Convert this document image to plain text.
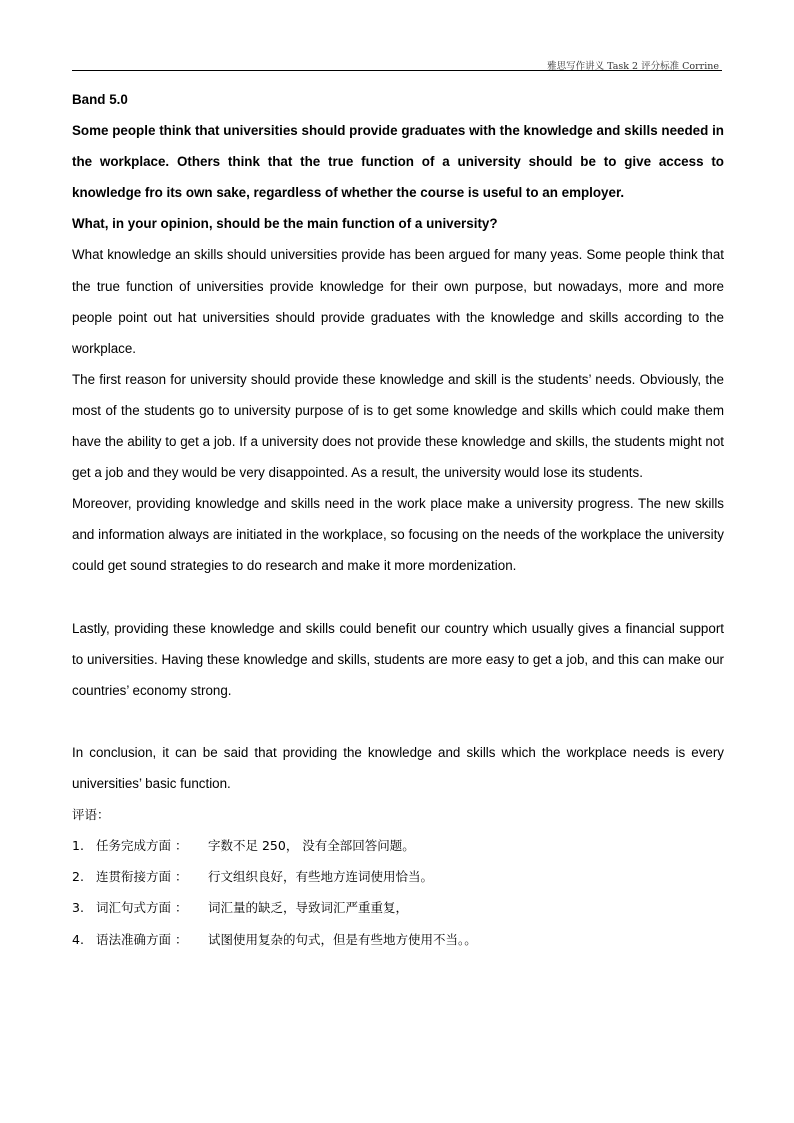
雅思写作讲义 Task 2 评分标准 Corrine

Band 5.0

Some people think that universities should provide graduates with the knowledge and skills needed in the workplace. Others think that the true function of a university should be to give access to knowledge fro its own sake, regardless of whether the course is useful to an employer.

What, in your opinion, should be the main function of a university?

What knowledge an skills should universities provide has been argued for many yeas. Some people think that the true function of universities provide knowledge for their own purpose, but nowadays, more and more people point out hat universities should provide graduates with the knowledge and skills according to the workplace.

The first reason for university should provide these knowledge and skill is the students’ needs. Obviously, the most of the students go to university purpose of is to get some knowledge and skills which could make them have the ability to get a job. If a university does not provide these knowledge and skills, the students might not get a job and they would be very disappointed. As a result, the university would lose its students.

Moreover, providing knowledge and skills need in the work place make a university progress. The new skills and information always are initiated in the workplace, so focusing on the needs of the workplace the university could get sound strategies to do research and make it more mordenization.

Lastly, providing these knowledge and skills could benefit our country which usually gives a financial support to universities. Having these knowledge and skills, students are more easy to get a job, and this can make our countries’ economy strong.

In conclusion, it can be said that providing the knowledge and skills which the workplace needs is every universities’ basic function.

评语：
1. 任务完成方面 ：	字数不足 250， 没有全部回答问题。
2. 连贯衔接方面 ：	行文组织良好，有些地方连词使用恰当。
3. 词汇句式方面 ：	词汇量的缺乏，导致词汇严重重复，
4. 语法准确方面 ：	试图使用复杂的句式，但是有些地方使用不当。。
